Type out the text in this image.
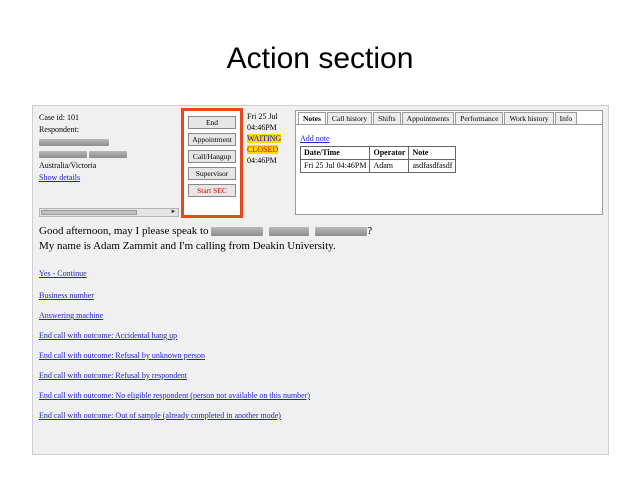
Action section
Case id: 101
Respondent:

Australia/Victoria
Show details
End
Appointment
Call/Hangup
Supervisor
Start SEC
Fri 25 Jul
04:46PM
WAITING
CLOSED
04:46PM
►
Notes	Call history	Shifts	Appointments	Performance	Work history	Info
Add note
Date/Time	Operator	Note
Fri 25 Jul 04:46PM	Adam	asdfasdfasdf
Good afternoon, may I please speak to	?
My name is Adam Zammit and I'm calling from Deakin University.
Yes - Continue
Business number
Answering machine
End call with outcome: Accidental hang up
End call with outcome: Refusal by unknown person
End call with outcome: Refusal by respondent
End call with outcome: No eligible respondent (person not available on this number)
End call with outcome: Out of sample (already completed in another mode)
